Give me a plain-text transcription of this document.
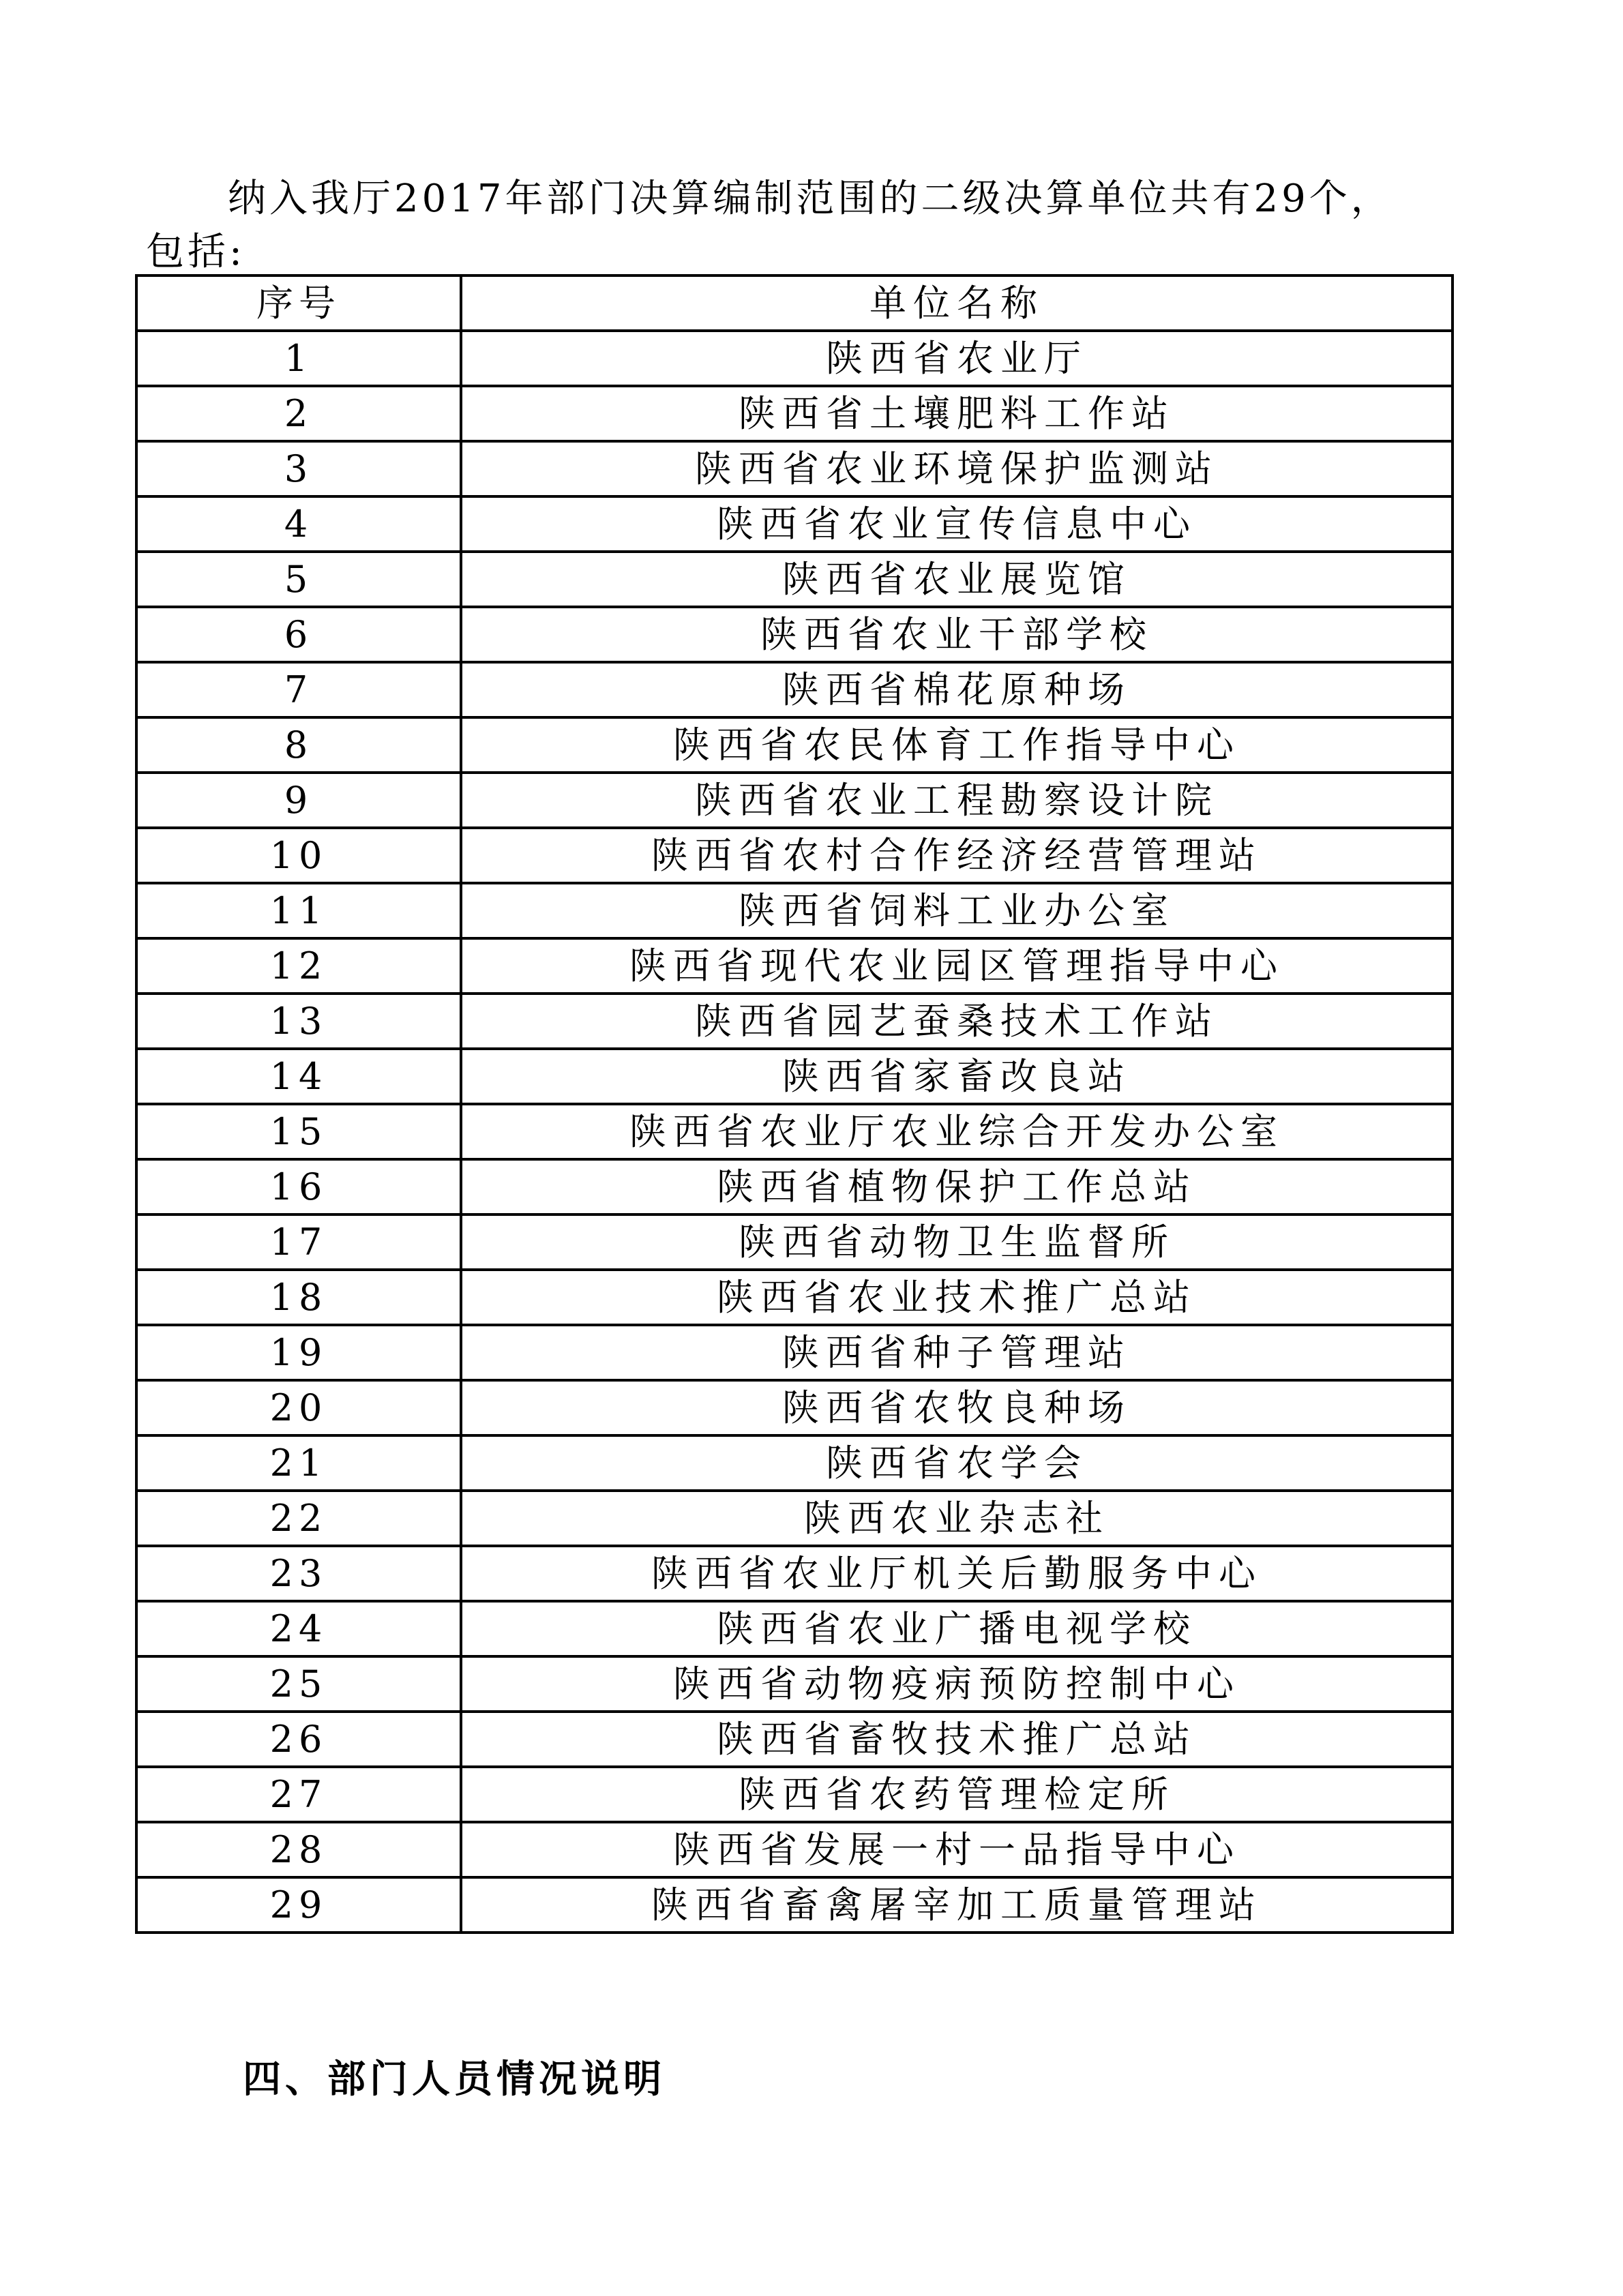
纳入我厅2017年部门决算编制范围的二级决算单位共有29个，
包括:
序号	单位名称
1	陕西省农业厅
2	陕西省土壤肥料工作站
3	陕西省农业环境保护监测站
4	陕西省农业宣传信息中心
5	陕西省农业展览馆
6	陕西省农业干部学校
7	陕西省棉花原种场
8	陕西省农民体育工作指导中心
9	陕西省农业工程勘察设计院
10	陕西省农村合作经济经营管理站
11	陕西省饲料工业办公室
12	陕西省现代农业园区管理指导中心
13	陕西省园艺蚕桑技术工作站
14	陕西省家畜改良站
15	陕西省农业厅农业综合开发办公室
16	陕西省植物保护工作总站
17	陕西省动物卫生监督所
18	陕西省农业技术推广总站
19	陕西省种子管理站
20	陕西省农牧良种场
21	陕西省农学会
22	陕西农业杂志社
23	陕西省农业厅机关后勤服务中心
24	陕西省农业广播电视学校
25	陕西省动物疫病预防控制中心
26	陕西省畜牧技术推广总站
27	陕西省农药管理检定所
28	陕西省发展一村一品指导中心
29	陕西省畜禽屠宰加工质量管理站
四、部门人员情况说明
